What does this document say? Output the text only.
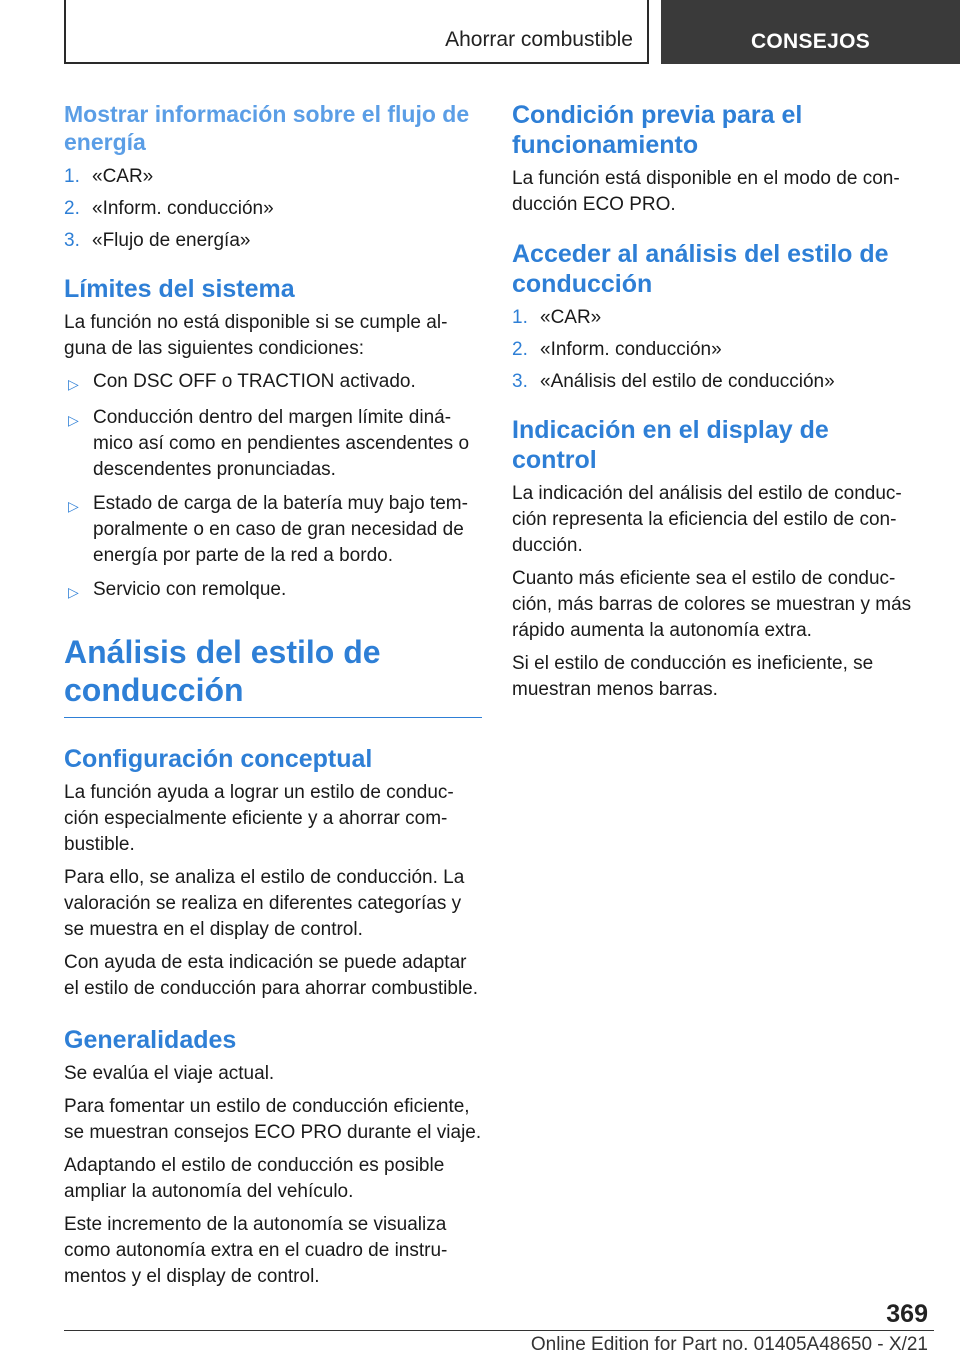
Ahorrar combustible	CONSEJOS
Mostrar información sobre el flujo de energía
1. «CAR»
2. «Inform. conducción»
3. «Flujo de energía»
Límites del sistema

La función no está disponible si se cumple al-guna de las siguientes condiciones:

▷ Con DSC OFF o TRACTION activado.
▷ Conducción dentro del margen límite diná-mico así como en pendientes ascendentes o descendentes pronunciadas.
▷ Estado de carga de la batería muy bajo tem-poralmente o en caso de gran necesidad de energía por parte de la red a bordo.
▷ Servicio con remolque.
Análisis del estilo de conducción
Configuración conceptual

La función ayuda a lograr un estilo de conduc-ción especialmente eficiente y a ahorrar com-bustible.

Para ello, se analiza el estilo de conducción. La valoración se realiza en diferentes categorías y se muestra en el display de control.

Con ayuda de esta indicación se puede adaptar el estilo de conducción para ahorrar combustible.

Generalidades

Se evalúa el viaje actual.

Para fomentar un estilo de conducción eficiente, se muestran consejos ECO PRO durante el viaje.

Adaptando el estilo de conducción es posible ampliar la autonomía del vehículo.

Este incremento de la autonomía se visualiza como autonomía extra en el cuadro de instru-mentos y el display de control.

Condición previa para el funcionamiento

La función está disponible en el modo de con-ducción ECO PRO.

Acceder al análisis del estilo de conducción
1. «CAR»
2. «Inform. conducción»
3. «Análisis del estilo de conducción»
Indicación en el display de control

La indicación del análisis del estilo de conduc-ción representa la eficiencia del estilo de con-ducción.

Cuanto más eficiente sea el estilo de conduc-ción, más barras de colores se muestran y más rápido aumenta la autonomía extra.

Si el estilo de conducción es ineficiente, se muestran menos barras.

369
Online Edition for Part no. 01405A48650 - X/21
